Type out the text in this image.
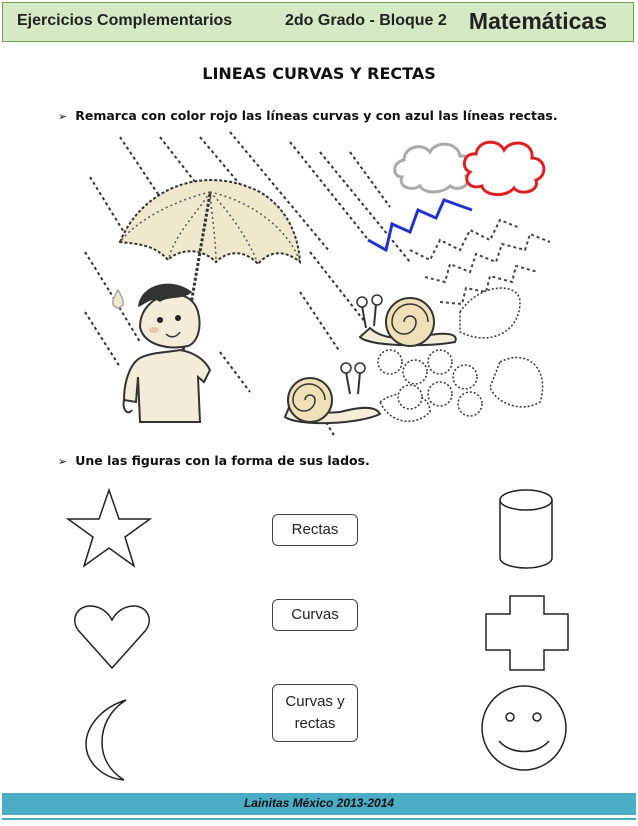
Ejercicios Complementarios	2do Grado - Bloque 2 Matemáticas
LINEAS CURVAS Y RECTAS
➢ Remarca con color rojo las líneas curvas y con azul las líneas rectas.
➢ Une las figuras con la forma de sus lados.
Rectas
Curvas
Curvas y
rectas
Lainitas México 2013-2014
